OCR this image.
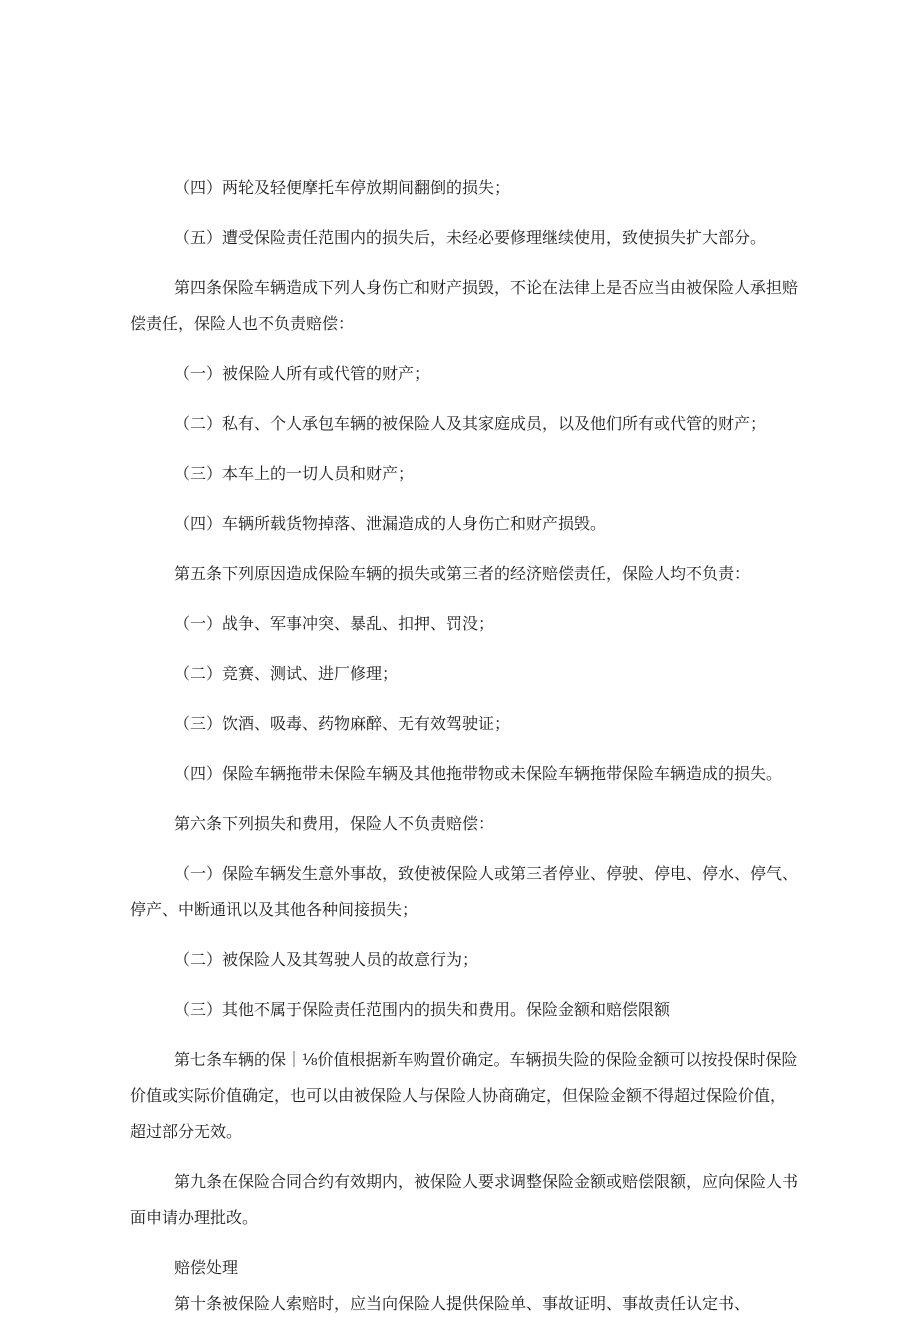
（四）两轮及轻便摩托车停放期间翻倒的损失；

（五）遭受保险责任范围内的损失后，未经必要修理继续使用，致使损失扩大部分。

第四条保险车辆造成下列人身伤亡和财产损毁，不论在法律上是否应当由被保险人承担赔偿责任，保险人也不负责赔偿：

（一）被保险人所有或代管的财产；

（二）私有、个人承包车辆的被保险人及其家庭成员，以及他们所有或代管的财产；

（三）本车上的一切人员和财产；

（四）车辆所载货物掉落、泄漏造成的人身伤亡和财产损毁。

第五条下列原因造成保险车辆的损失或第三者的经济赔偿责任，保险人均不负责：

（一）战争、军事冲突、暴乱、扣押、罚没；

（二）竞赛、测试、进厂修理；

（三）饮酒、吸毒、药物麻醉、无有效驾驶证；

（四）保险车辆拖带未保险车辆及其他拖带物或未保险车辆拖带保险车辆造成的损失。

第六条下列损失和费用，保险人不负责赔偿：

（一）保险车辆发生意外事故，致使被保险人或第三者停业、停驶、停电、停水、停气、停产、中断通讯以及其他各种间接损失；

（二）被保险人及其驾驶人员的故意行为；

（三）其他不属于保险责任范围内的损失和费用。保险金额和赔偿限额

第七条车辆的保｜⅛价值根据新车购置价确定。车辆损失险的保险金额可以按投保时保险价值或实际价值确定，也可以由被保险人与保险人协商确定，但保险金额不得超过保险价值，超过部分无效。

第九条在保险合同合约有效期内，被保险人要求调整保险金额或赔偿限额，应向保险人书面申请办理批改。

赔偿处理

第十条被保险人索赔时，应当向保险人提供保险单、事故证明、事故责任认定书、
